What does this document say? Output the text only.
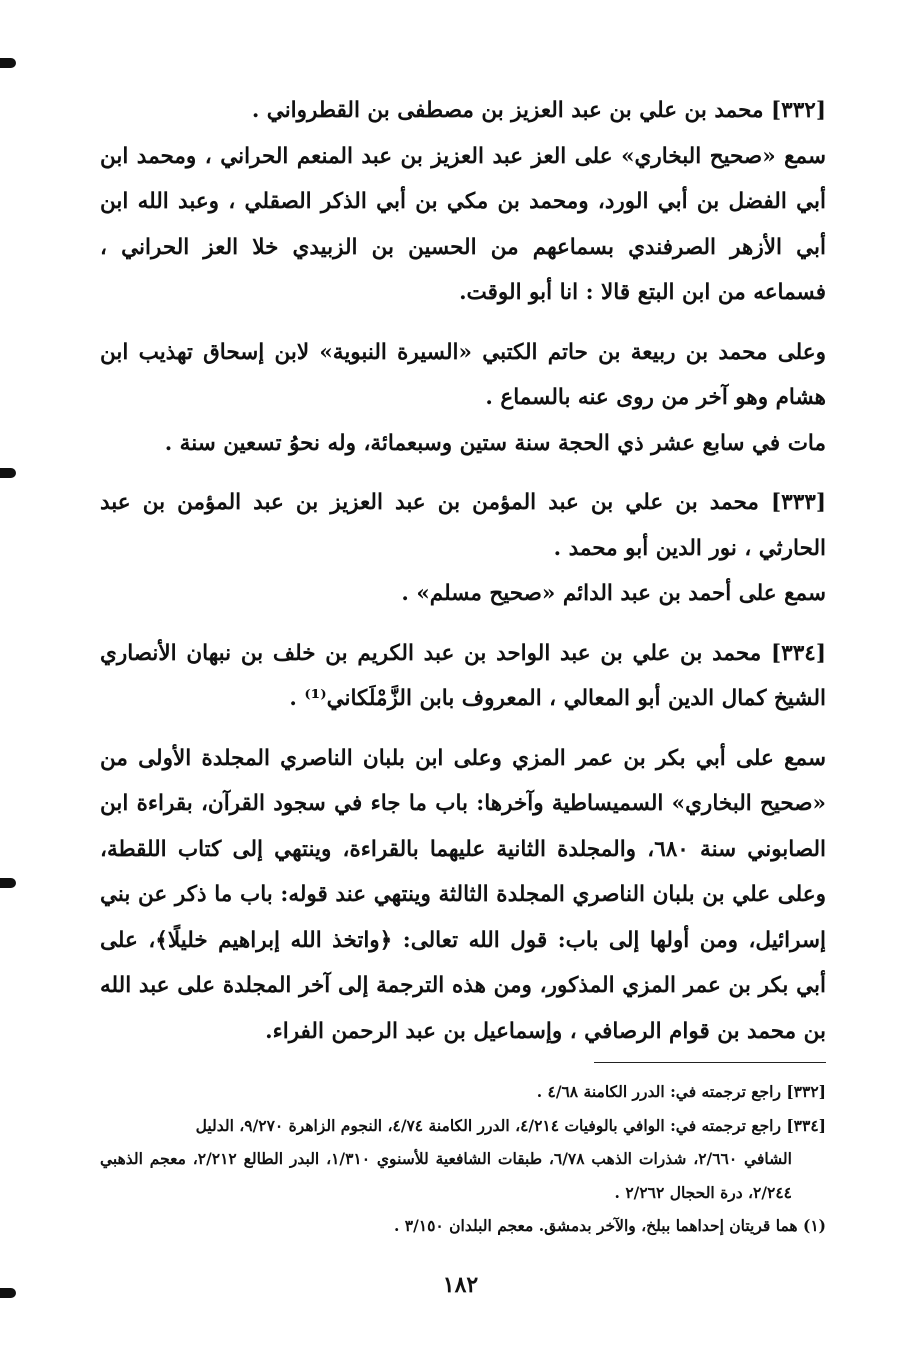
[٣٣٢] محمد بن علي بن عبد العزيز بن مصطفى بن القطرواني .

سمع «صحيح البخاري» على العز عبد العزيز بن عبد المنعم الحراني ، ومحمد ابن أبي الفضل بن أبي الورد، ومحمد بن مكي بن أبي الذكر الصقلي ، وعبد الله ابن أبي الأزهر الصرفندي بسماعهم من الحسين بن الزبيدي خلا العز الحراني ، فسماعه من ابن البتع قالا : انا أبو الوقت.

وعلى محمد بن ربيعة بن حاتم الكتبي «السيرة النبوية» لابن إسحاق تهذيب ابن هشام وهو آخر من روى عنه بالسماع .

مات في سابع عشر ذي الحجة سنة ستين وسبعمائة، وله نحوُ تسعين سنة .

[٣٣٣] محمد بن علي بن عبد المؤمن بن عبد العزيز بن عبد المؤمن بن عبد الحارثي ، نور الدين أبو محمد .

سمع على أحمد بن عبد الدائم «صحيح مسلم» .

[٣٣٤] محمد بن علي بن عبد الواحد بن عبد الكريم بن خلف بن نبهان الأنصاري الشيخ كمال الدين أبو المعالي ، المعروف بابن الزَّمْلَكاني⁽¹⁾ .

سمع على أبي بكر بن عمر المزي وعلى ابن بلبان الناصري المجلدة الأولى من «صحيح البخاري» السميساطية وآخرها: باب ما جاء في سجود القرآن، بقراءة ابن الصابوني سنة ٦٨٠، والمجلدة الثانية عليهما بالقراءة، وينتهي إلى كتاب اللقطة، وعلى علي بن بلبان الناصري المجلدة الثالثة وينتهي عند قوله: باب ما ذكر عن بني إسرائيل، ومن أولها إلى باب: قول الله تعالى: ﴿واتخذ الله إبراهيم خليلًا﴾، على أبي بكر بن عمر المزي المذكور، ومن هذه الترجمة إلى آخر المجلدة على عبد الله بن محمد بن قوام الرصافي ، وإسماعيل بن عبد الرحمن الفراء.

[٣٣٢] راجع ترجمته في: الدرر الكامنة ٤/٦٨ .

[٣٣٤] راجع ترجمته في: الوافي بالوفيات ٤/٢١٤، الدرر الكامنة ٤/٧٤، النجوم الزاهرة ٩/٢٧٠، الدليل

الشافي ٢/٦٦٠، شذرات الذهب ٦/٧٨، طبقات الشافعية للأسنوي ١/٣١٠، البدر الطالع ٢/٢١٢، معجم الذهبي ٢/٢٤٤، درة الحجال ٢/٢٦٢ .

(١) هما قريتان إحداهما ببلخ، والآخر بدمشق. معجم البلدان ٣/١٥٠ .

١٨٢
